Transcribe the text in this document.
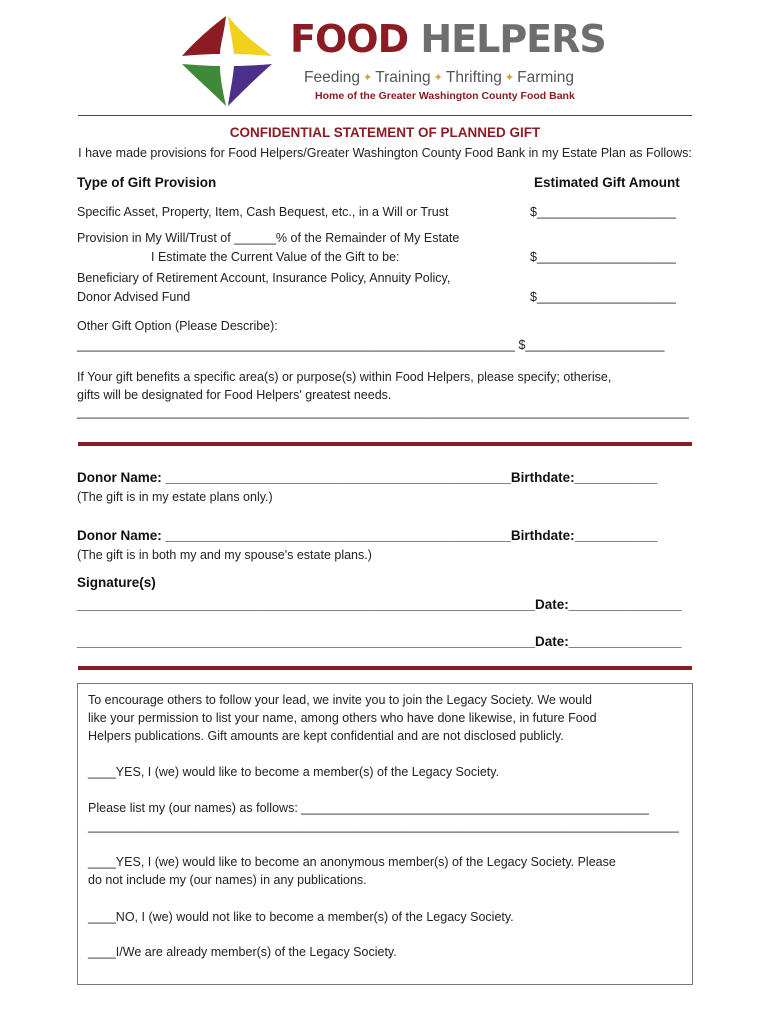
FOOD HELPERS
Feeding ✦ Training ✦ Thrifting ✦ Farming
Home of the Greater Washington County Food Bank
CONFIDENTIAL STATEMENT OF PLANNED GIFT
I have made provisions for Food Helpers/Greater Washington County Food Bank in my Estate Plan as Follows:
Type of Gift Provision	Estimated Gift Amount
Specific Asset, Property, Item, Cash Bequest, etc., in a Will or Trust	$____________________
Provision in My Will/Trust of ______% of the Remainder of My Estate
I Estimate the Current Value of the Gift to be:	$____________________
Beneficiary of Retirement Account, Insurance Policy, Annuity Policy,
Donor Advised Fund	$____________________
Other Gift Option (Please Describe):
_______________________________________________________________ $____________________
If Your gift benefits a specific area(s) or purpose(s) within Food Helpers, please specify; otherise,
gifts will be designated for Food Helpers' greatest needs.
________________________________________________________________________________________
Donor Name: ______________________________________________Birthdate:___________
(The gift is in my estate plans only.)
Donor Name: ______________________________________________Birthdate:___________
(The gift is in both my and my spouse's estate plans.)
Signature(s)
_____________________________________________________________Date:_______________
_____________________________________________________________Date:_______________
To encourage others to follow your lead, we invite you to join the Legacy Society. We would
like your permission to list your name, among others who have done likewise, in future Food
Helpers publications. Gift amounts are kept confidential and are not disclosed publicly.
____YES, I (we) would like to become a member(s) of the Legacy Society.
Please list my (our names) as follows: __________________________________________________
_____________________________________________________________________________________
____YES, I (we) would like to become an anonymous member(s) of the Legacy Society. Please
do not include my (our names) in any publications.
____NO, I (we) would not like to become a member(s) of the Legacy Society.
____I/We are already member(s) of the Legacy Society.
